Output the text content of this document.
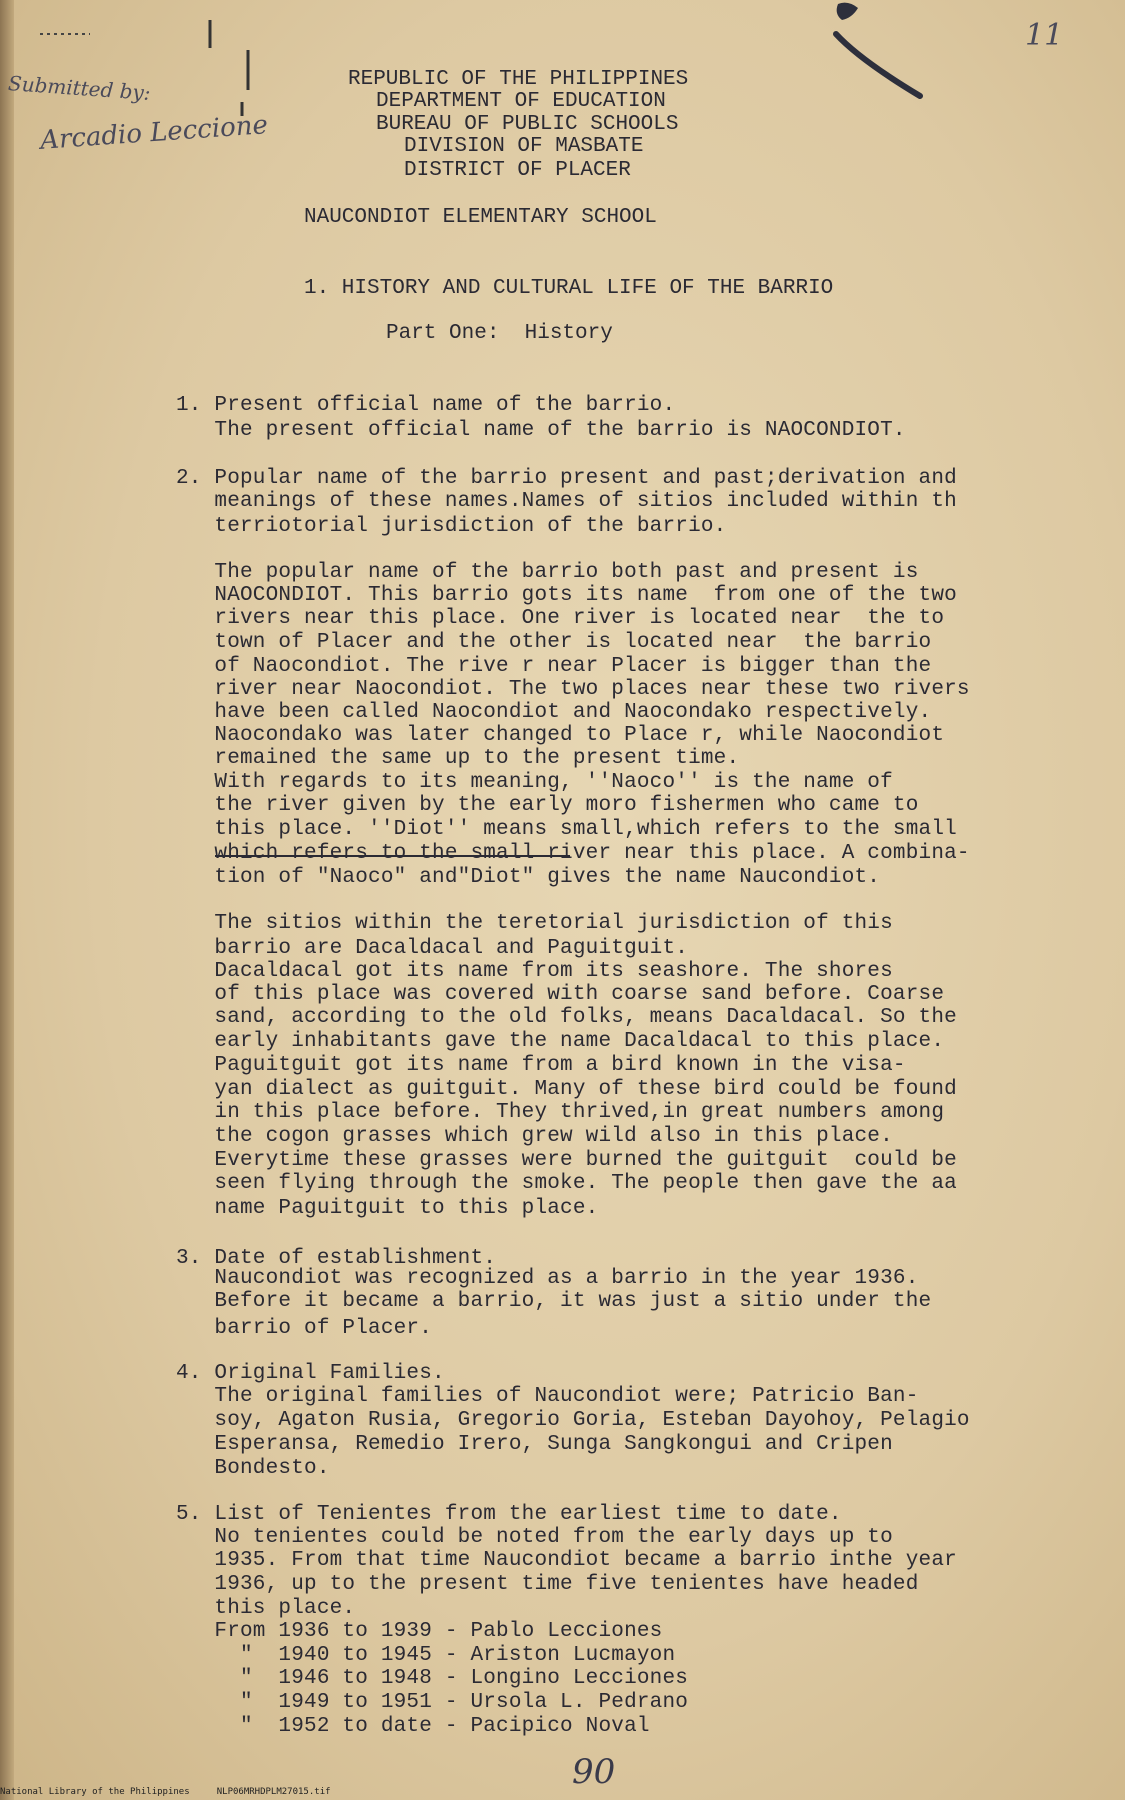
Submitted by:
Arcadio Leccione
11
REPUBLIC OF THE PHILIPPINES
DEPARTMENT OF EDUCATION
BUREAU OF PUBLIC SCHOOLS
DIVISION OF MASBATE
DISTRICT OF PLACER
NAUCONDIOT ELEMENTARY SCHOOL
1. HISTORY AND CULTURAL LIFE OF THE BARRIO
Part One:  History
1. Present official name of the barrio.
The present official name of the barrio is NAOCONDIOT.
2. Popular name of the barrio present and past;derivation and
meanings of these names.Names of sitios included within th
terriotorial jurisdiction of the barrio.
The popular name of the barrio both past and present is
NAOCONDIOT. This barrio gots its name  from one of the two
rivers near this place. One river is located near  the to
town of Placer and the other is located near  the barrio
of Naocondiot. The rive r near Placer is bigger than the
river near Naocondiot. The two places near these two rivers
have been called Naocondiot and Naocondako respectively.
Naocondako was later changed to Place r, while Naocondiot
remained the same up to the present time.
With regards to its meaning, ''Naoco'' is the name of
the river given by the early moro fishermen who came to
this place. ''Diot'' means small,which refers to the small
which refers to the small river near this place. A combina-
tion of "Naoco" and"Diot" gives the name Naucondiot.
The sitios within the teretorial jurisdiction of this
barrio are Dacaldacal and Paguitguit.
Dacaldacal got its name from its seashore. The shores
of this place was covered with coarse sand before. Coarse
sand, according to the old folks, means Dacaldacal. So the
early inhabitants gave the name Dacaldacal to this place.
Paguitguit got its name from a bird known in the visa-
yan dialect as guitguit. Many of these bird could be found
in this place before. They thrived,in great numbers among
the cogon grasses which grew wild also in this place.
Everytime these grasses were burned the guitguit  could be
seen flying through the smoke. The people then gave the aa
name Paguitguit to this place.
3. Date of establishment.
Naucondiot was recognized as a barrio in the year 1936.
Before it became a barrio, it was just a sitio under the
barrio of Placer.
4. Original Families.
The original families of Naucondiot were; Patricio Ban-
soy, Agaton Rusia, Gregorio Goria, Esteban Dayohoy, Pelagio
Esperansa, Remedio Irero, Sunga Sangkongui and Cripen
Bondesto.
5. List of Tenientes from the earliest time to date.
No tenientes could be noted from the early days up to
1935. From that time Naucondiot became a barrio inthe year
1936, up to the present time five tenientes have headed
this place.
From 1936 to 1939 - Pablo Lecciones
"  1940 to 1945 - Ariston Lucmayon
"  1946 to 1948 - Longino Lecciones
"  1949 to 1951 - Ursola L. Pedrano
"  1952 to date - Pacipico Noval
90
National Library of the Philippines     NLP06MRHDPLM27015.tif
